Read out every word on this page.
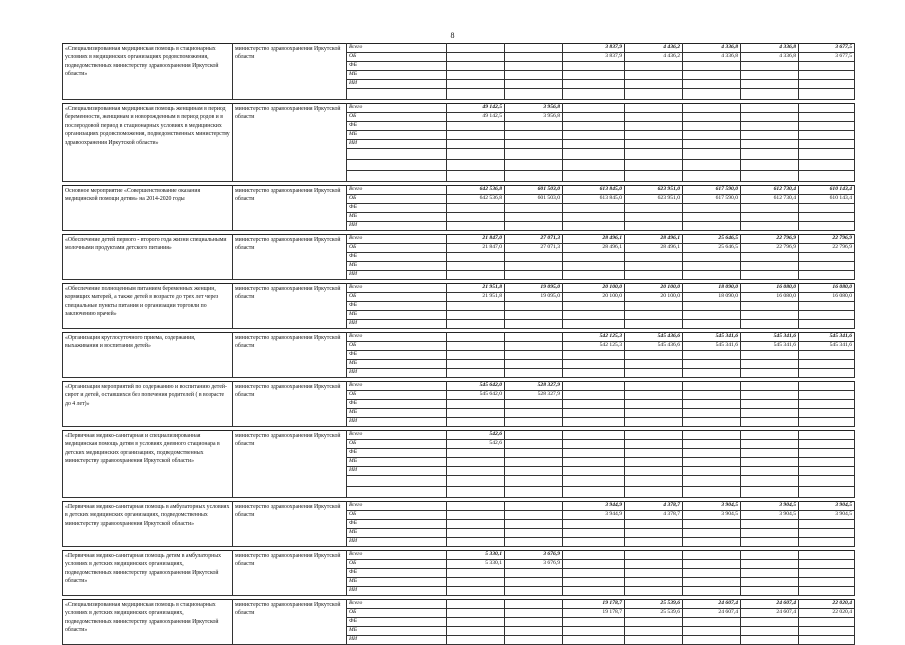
8
«Специализированная медицинская помощь в стационарных условиях в медицинских организациях родовспоможения, подведомственных министерству здравоохранения Иркутской области»	министерство здравоохранения Иркутской области	Всего			3 837,9	4 436,2	4 336,8	4 336,8	3 677,5
		ОБ			3 837,9	4 436,2	4 336,8	4 336,8	3 677,5
		ФБ							
		МБ							
		ИИ							

«Специализированная медицинская помощь женщинам в период беременности, женщинам и новорожденным в период родов и в послеродовой период в стационарных условиях в медицинских организациях родовспоможения, подведомственных министерству здравоохранения Иркутской области»	министерство здравоохранения Иркутской области	Всего	49 142,5	3 956,8					
		ОБ	49 142,5	3 956,8					
		ФБ							
		МБ							
		ИИ							

Основное мероприятие «Совершенствование оказания медицинской помощи детям» на 2014-2020 годы	министерство здравоохранения Иркутской области	Всего	642 536,8	601 503,0	613 845,0	623 951,0	617 590,0	612 730,4	610 143,4
		ОБ	642 536,8	601 503,0	613 845,0	623 951,0	617 590,0	612 730,4	610 143,4
		ФБ							
		МБ							
		ИИ							

«Обеспечение детей первого - второго года жизни специальными молочными продуктами детского питания»	министерство здравоохранения Иркутской области	Всего	21 847,0	27 071,3	28 496,1	28 496,1	25 646,5	22 796,9	22 796,9
		ОБ	21 847,0	27 071,3	28 496,1	28 496,1	25 646,5	22 796,9	22 796,9
		ФБ							
		МБ							
		ИИ							

«Обеспечение полноценным питанием беременных женщин, кормящих матерей, а также детей в возрасте до трех лет через специальные пункты питания и организации торговли по заключению врачей»	министерство здравоохранения Иркутской области	Всего	21 951,8	19 095,0	20 100,0	20 100,0	18 090,0	16 080,0	16 080,0
		ОБ	21 951,8	19 095,0	20 100,0	20 100,0	18 090,0	16 080,0	16 080,0
		ФБ							
		МБ							
		ИИ							

«Организация круглосуточного приема, содержания, выхаживания и воспитания детей»	министерство здравоохранения Иркутской области	Всего			542 125,3	545 436,6	545 341,6	545 341,6	545 341,6
		ОБ			542 125,3	545 436,6	545 341,6	545 341,6	545 341,6
		ФБ							
		МБ							
		ИИ							

«Организация мероприятий по содержанию и воспитанию детей-сирот и детей, оставшихся без попечения родителей ( в возрасте до 4 лет)»	министерство здравоохранения Иркутской области	Всего	545 642,0	528 327,9					
		ОБ	545 642,0	528 327,9					
		ФБ							
		МБ							
		ИИ							

«Первичная медико-санитарная и специализированная медицинская помощь детям в условиях дневного стационара в детских медицинских организациях, подведомственных министерству здравоохранения Иркутской области»	министерство здравоохранения Иркутской области	Всего	542,6						
		ОБ	542,6						
		ФБ							
		МБ							
		ИИ							

«Первичная медико-санитарная помощь в амбулаторных условиях в детских медицинских организациях, подведомственных министерству здравоохранения Иркутской области»	министерство здравоохранения Иркутской области	Всего			3 944,9	4 378,7	3 904,5	3 904,5	3 904,5
		ОБ			3 944,9	4 378,7	3 904,5	3 904,5	3 904,5
		ФБ							
		МБ							
		ИИ							

«Первичная медико-санитарная помощь детям в амбулаторных условиях в детских медицинских организациях, подведомственных министерству здравоохранения Иркутской области»	министерство здравоохранения Иркутской области	Всего	5 330,1	3 676,9					
		ОБ	5 330,1	3 676,9					
		ФБ							
		МБ							
		ИИ							

«Специализированная медицинская помощь в стационарных условиях в детских медицинских организациях, подведомственных министерству здравоохранения Иркутской области»	министерство здравоохранения Иркутской области	Всего			19 178,7	25 539,6	24 607,4	24 607,4	22 020,4
		ОБ			19 178,7	25 539,6	24 607,4	24 607,4	22 020,4
		ФБ							
		МБ							
		ИИ							
